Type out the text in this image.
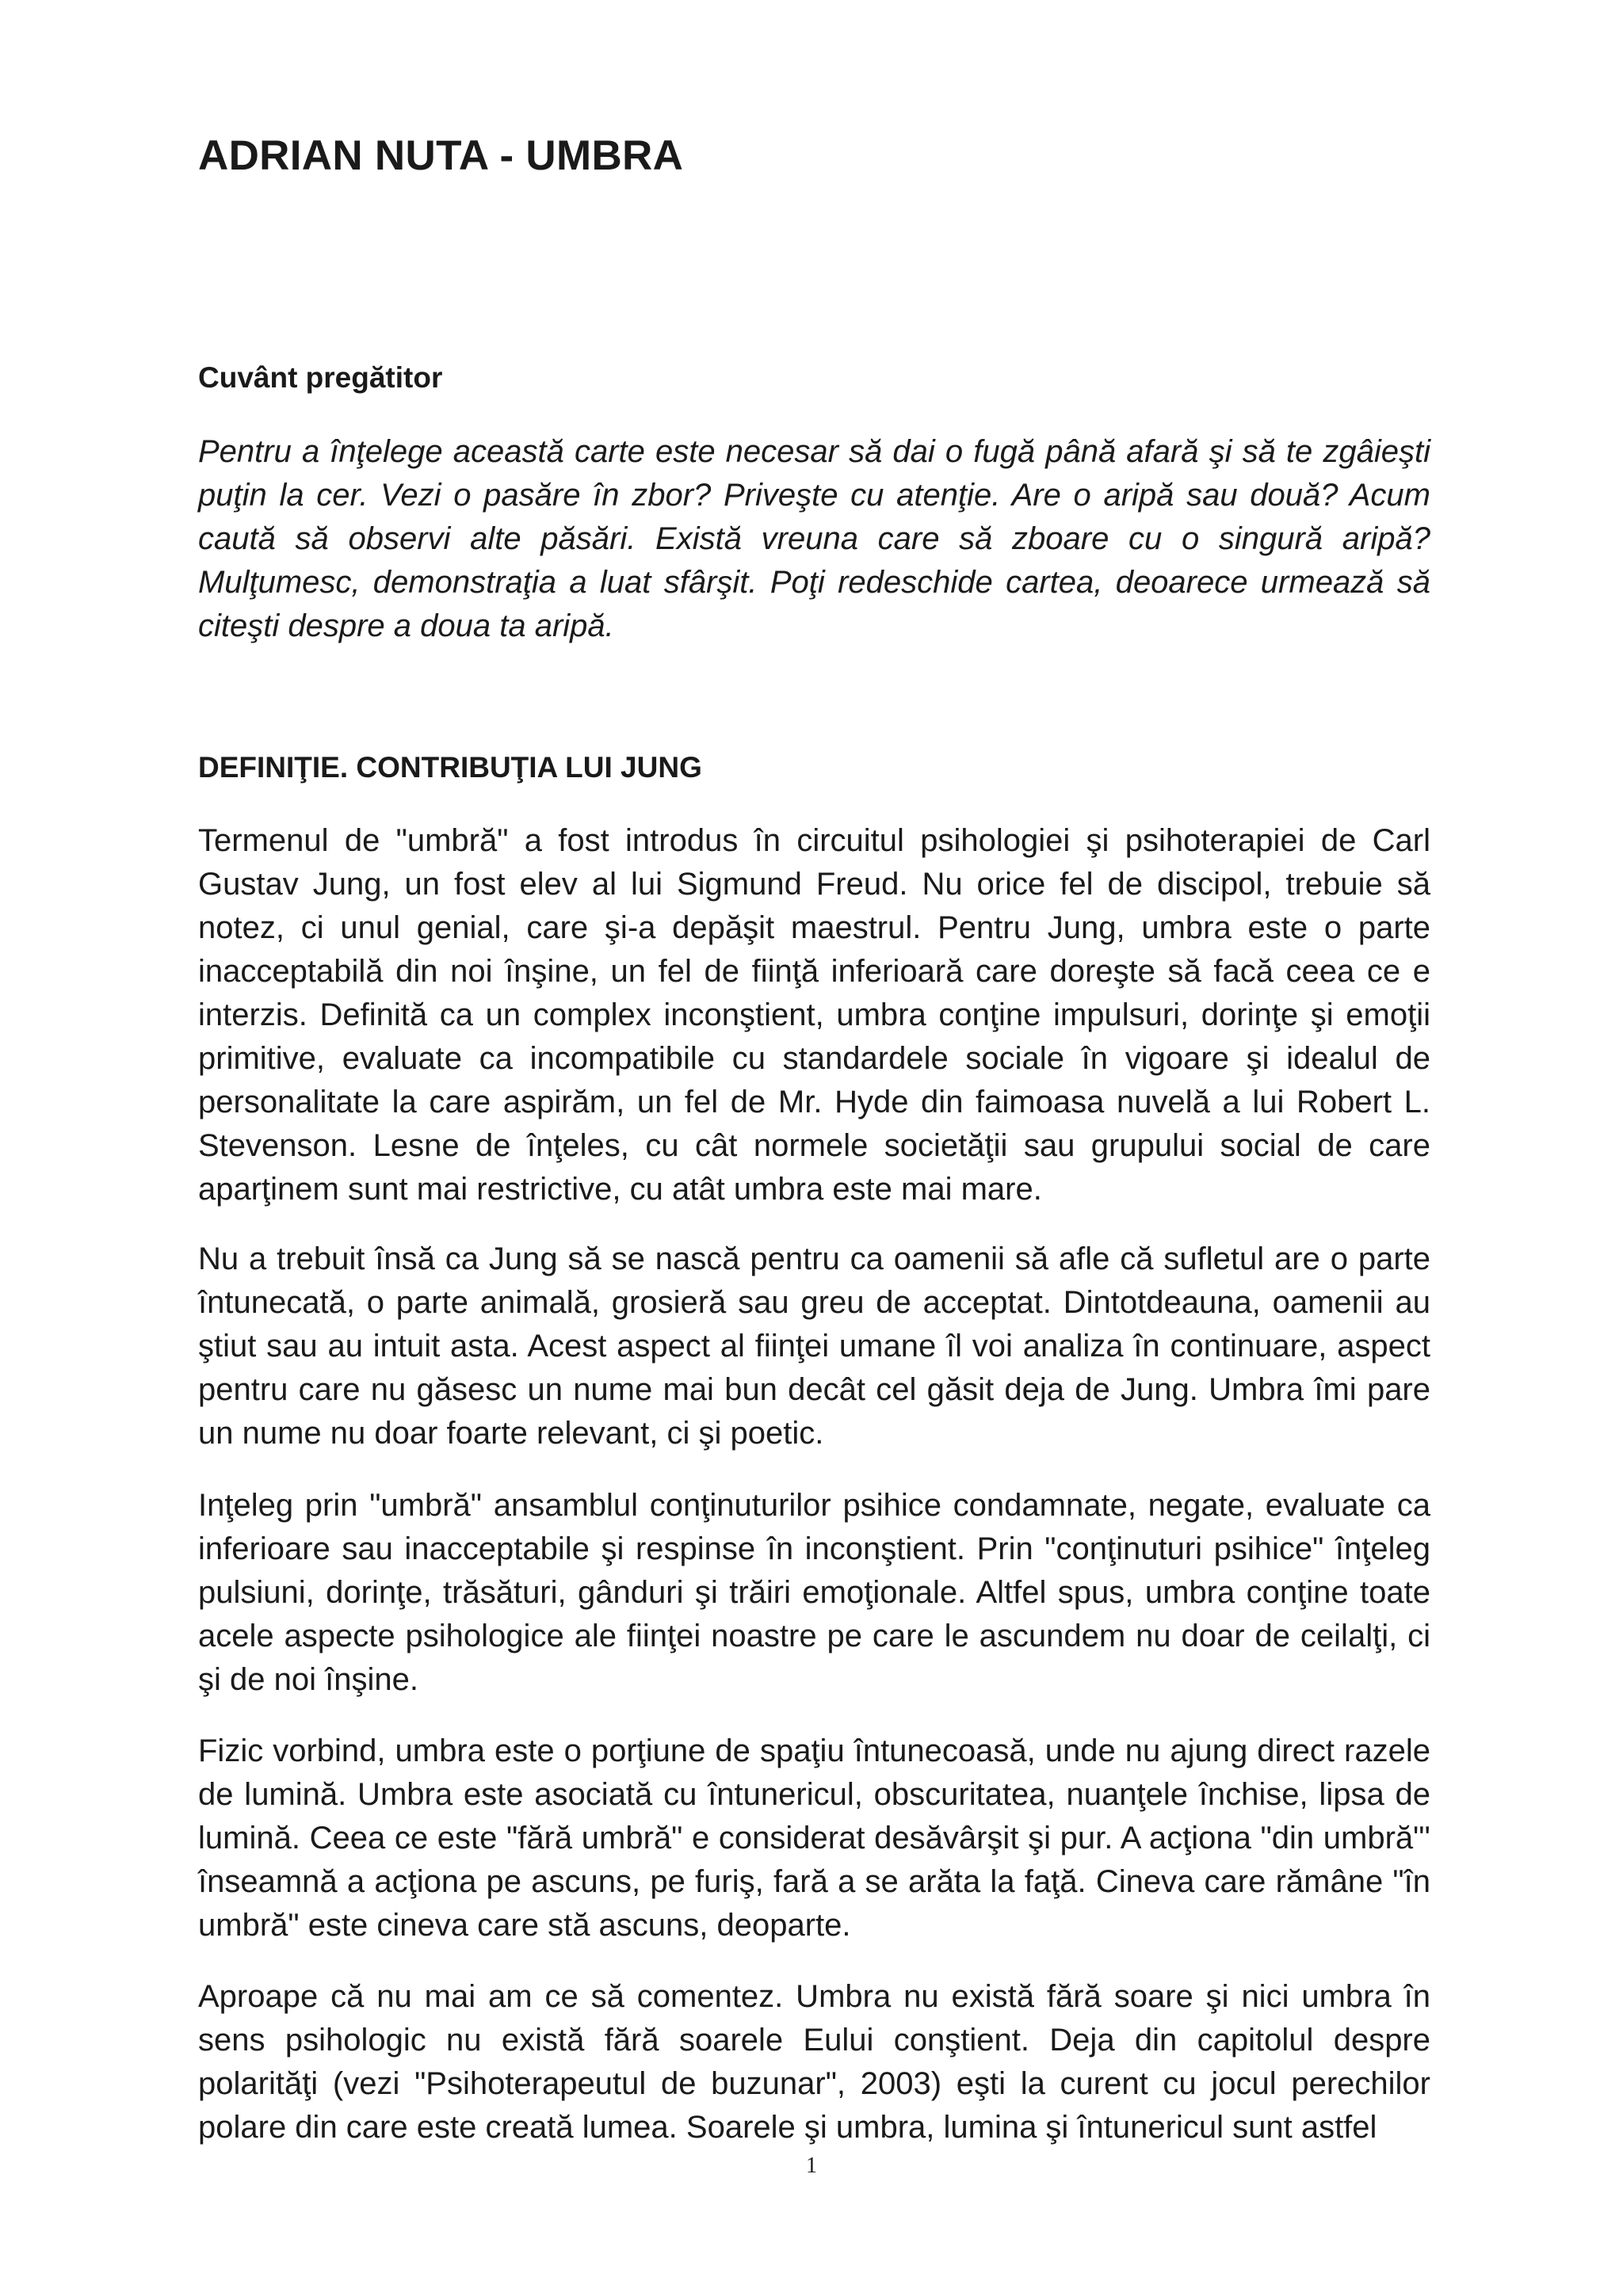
ADRIAN NUTA - UMBRA
Cuvânt pregătitor

Pentru a înţelege această carte este necesar să dai o fugă până afară şi să te zgâieşti puţin la cer. Vezi o pasăre în zbor? Priveşte cu atenţie. Are o aripă sau două? Acum caută să observi alte păsări. Există vreuna care să zboare cu o singură aripă? Mulţumesc, demonstraţia a luat sfârşit. Poţi redeschide cartea, deoarece urmează să citeşti despre a doua ta aripă.

DEFINIŢIE. CONTRIBUŢIA LUI JUNG

Termenul de "umbră" a fost introdus în circuitul psihologiei şi psihoterapiei de Carl Gustav Jung, un fost elev al lui Sigmund Freud. Nu orice fel de discipol, trebuie să notez, ci unul genial, care şi-a depăşit maestrul. Pentru Jung, umbra este o parte inacceptabilă din noi înşine, un fel de fiinţă inferioară care doreşte să facă ceea ce e interzis. Definită ca un complex inconştient, umbra conţine impulsuri, dorinţe şi emoţii primitive, evaluate ca incompatibile cu standardele sociale în vigoare şi idealul de personalitate la care aspirăm, un fel de Mr. Hyde din faimoasa nuvelă a lui Robert L. Stevenson. Lesne de înţeles, cu cât normele societăţii sau grupului social de care aparţinem sunt mai restrictive, cu atât umbra este mai mare.

Nu a trebuit însă ca Jung să se nască pentru ca oamenii să afle că sufletul are o parte întunecată, o parte animală, grosieră sau greu de acceptat. Dintotdeauna, oamenii au ştiut sau au intuit asta. Acest aspect al fiinţei umane îl voi analiza în continuare, aspect pentru care nu găsesc un nume mai bun decât cel găsit deja de Jung. Umbra îmi pare un nume nu doar foarte relevant, ci şi poetic.

Inţeleg prin "umbră" ansamblul conţinuturilor psihice condamnate, negate, evaluate ca inferioare sau inacceptabile şi respinse în inconştient. Prin "conţinuturi psihice" înţeleg pulsiuni, dorinţe, trăsături, gânduri şi trăiri emoţionale. Altfel spus, umbra conţine toate acele aspecte psihologice ale fiinţei noastre pe care le ascundem nu doar de ceilalţi, ci şi de noi înşine.

Fizic vorbind, umbra este o porţiune de spaţiu întunecoasă, unde nu ajung direct razele de lumină. Umbra este asociată cu întunericul, obscuritatea, nuanţele închise, lipsa de lumină. Ceea ce este "fără umbră" e considerat desăvârşit şi pur. A acţiona "din umbră"' înseamnă a acţiona pe ascuns, pe furiş, fară a se arăta la faţă. Cineva care rămâne "în umbră" este cineva care stă ascuns, deoparte.

Aproape că nu mai am ce să comentez. Umbra nu există fără soare şi nici umbra în sens psihologic nu există fără soarele Eului conştient. Deja din capitolul despre polarităţi (vezi "Psihoterapeutul de buzunar", 2003) eşti la curent cu jocul perechilor polare din care este creată lumea. Soarele şi umbra, lumina şi întunericul sunt astfel

1
